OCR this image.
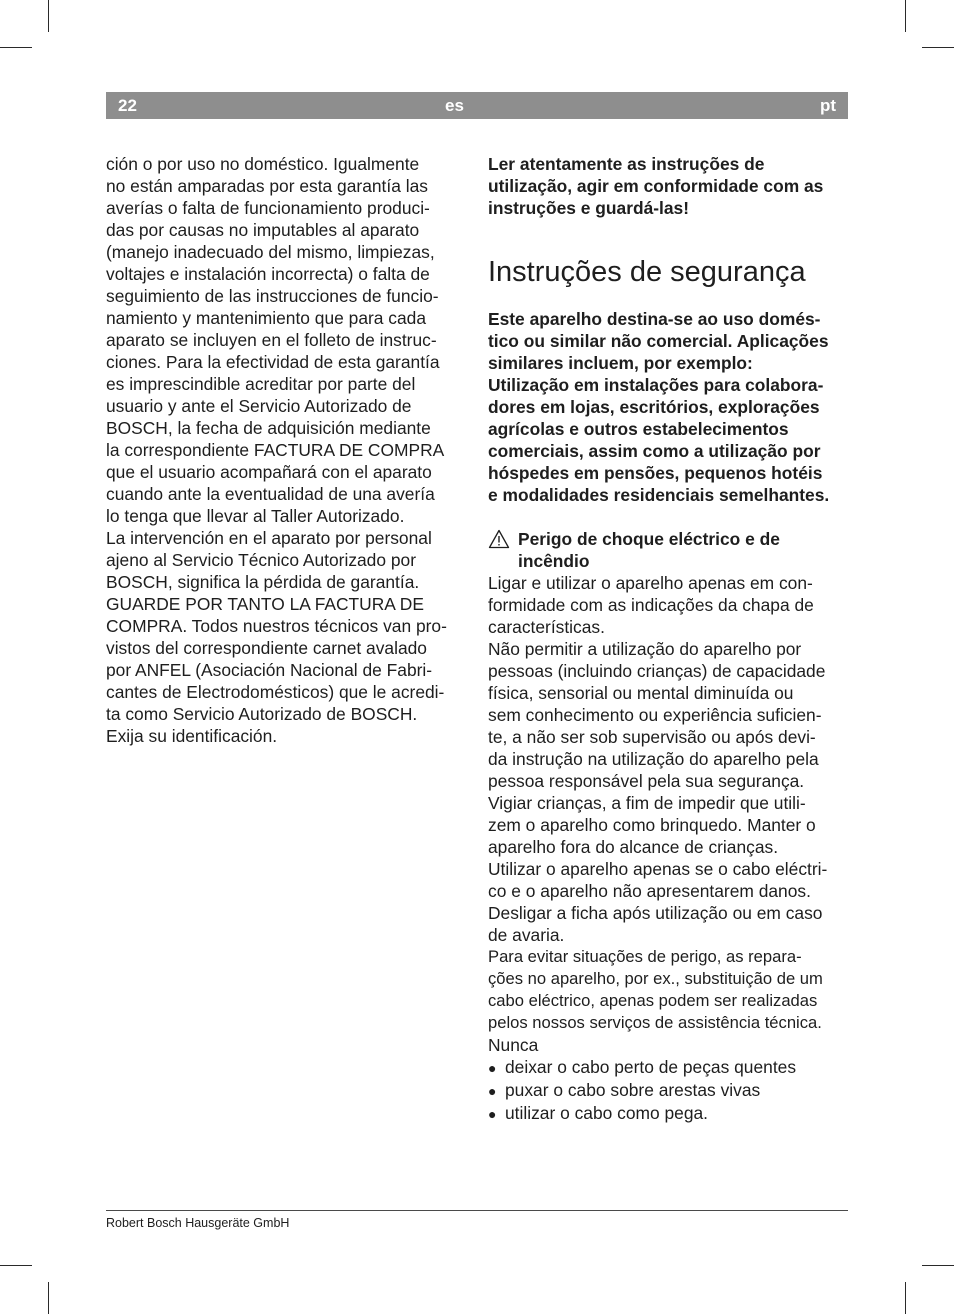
22	es	pt
ción o por uso no doméstico. Igualmente
no están amparadas por esta garantía las
averías o falta de funcionamiento produci-
das por causas no imputables al aparato
(manejo inadecuado del mismo, limpiezas,
voltajes e instalación incorrecta) o falta de
seguimiento de las instrucciones de funcio-
namiento y mantenimiento que para cada
aparato se incluyen en el folleto de instruc-
ciones. Para la efectividad de esta garantía
es imprescindible acreditar por parte del
usuario y ante el Servicio Autorizado de
BOSCH, la fecha de adquisición mediante
la correspondiente FACTURA DE COMPRA
que el usuario acompañará con el aparato
cuando ante la eventualidad de una avería
lo tenga que llevar al Taller Autorizado.
La intervención en el aparato por personal
ajeno al Servicio Técnico Autorizado por
BOSCH, significa la pérdida de garantía.
GUARDE POR TANTO LA FACTURA DE
COMPRA. Todos nuestros técnicos van pro-
vistos del correspondiente carnet avalado
por ANFEL (Asociación Nacional de Fabri-
cantes de Electrodomésticos) que le acredi-
ta como Servicio Autorizado de BOSCH.
Exija su identificación.
Ler atentamente as instruções de
utilização, agir em conformidade com as
instruções e guardá-las!
Instruções de segurança
Este aparelho destina-se ao uso domés-
tico ou similar não comercial. Aplicações
similares incluem, por exemplo:
Utilização em instalações para colabora-
dores em lojas, escritórios, explorações
agrícolas e outros estabelecimentos
comerciais, assim como a utilização por
hóspedes em pensões, pequenos hotéis
e modalidades residenciais semelhantes.
Perigo de choque eléctrico e de
incêndio
Ligar e utilizar o aparelho apenas em con-
formidade com as indicações da chapa de
características.
Não permitir a utilização do aparelho por
pessoas (incluindo crianças) de capacidade
física, sensorial ou mental diminuída ou
sem conhecimento ou experiência suficien-
te, a não ser sob supervisão ou após devi-
da instrução na utilização do aparelho pela
pessoa responsável pela sua segurança.
Vigiar crianças, a fim de impedir que utili-
zem o aparelho como brinquedo. Manter o
aparelho fora do alcance de crianças.
Utilizar o aparelho apenas se o cabo eléctri-
co e o aparelho não apresentarem danos.
Desligar a ficha após utilização ou em caso
de avaria.
Para evitar situações de perigo, as repara-
ções no aparelho, por ex., substituição de um
cabo eléctrico, apenas podem ser realizadas
pelos nossos serviços de assistência técnica.
Nunca
● deixar o cabo perto de peças quentes
● puxar o cabo sobre arestas vivas
● utilizar o cabo como pega.
Robert Bosch Hausgeräte GmbH
